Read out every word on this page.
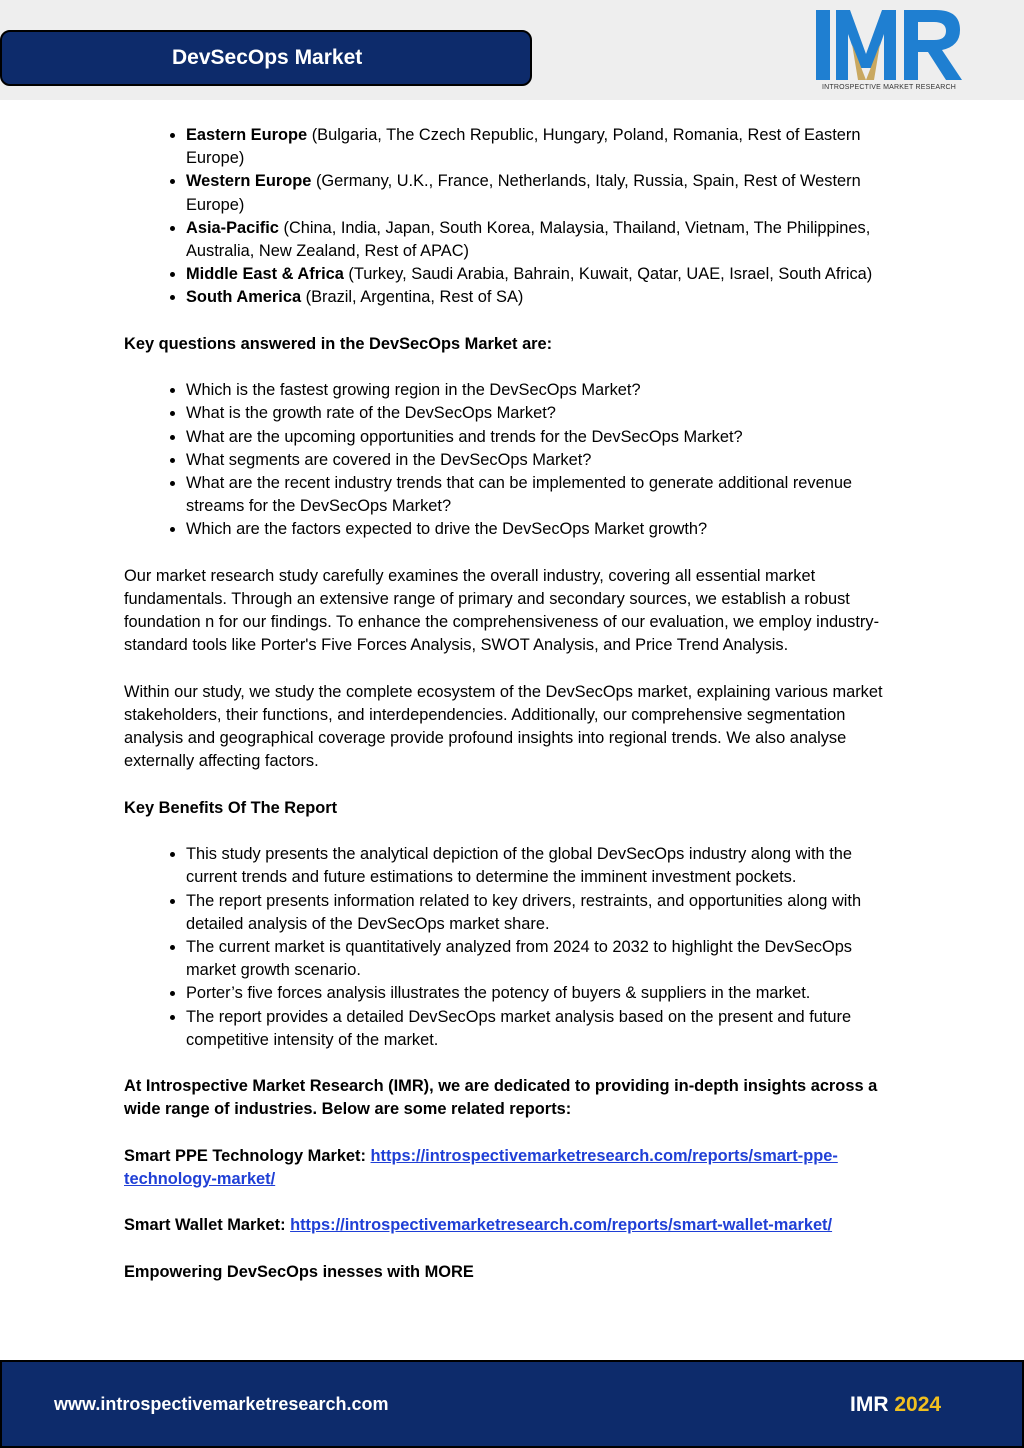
DevSecOps Market
INTROSPECTIVE MARKET RESEARCH
• Eastern Europe (Bulgaria, The Czech Republic, Hungary, Poland, Romania, Rest of Eastern Europe)
• Western Europe (Germany, U.K., France, Netherlands, Italy, Russia, Spain, Rest of Western Europe)
• Asia-Pacific (China, India, Japan, South Korea, Malaysia, Thailand, Vietnam, The Philippines, Australia, New Zealand, Rest of APAC)
• Middle East & Africa (Turkey, Saudi Arabia, Bahrain, Kuwait, Qatar, UAE, Israel, South Africa)
• South America (Brazil, Argentina, Rest of SA)

Key questions answered in the DevSecOps Market are:

• Which is the fastest growing region in the DevSecOps Market?
• What is the growth rate of the DevSecOps Market?
• What are the upcoming opportunities and trends for the DevSecOps Market?
• What segments are covered in the DevSecOps Market?
• What are the recent industry trends that can be implemented to generate additional revenue streams for the DevSecOps Market?
• Which are the factors expected to drive the DevSecOps Market growth?

Our market research study carefully examines the overall industry, covering all essential market fundamentals. Through an extensive range of primary and secondary sources, we establish a robust foundation n for our findings. To enhance the comprehensiveness of our evaluation, we employ industry-standard tools like Porter's Five Forces Analysis, SWOT Analysis, and Price Trend Analysis.

Within our study, we study the complete ecosystem of the DevSecOps market, explaining various market stakeholders, their functions, and interdependencies. Additionally, our comprehensive segmentation analysis and geographical coverage provide profound insights into regional trends. We also analyse externally affecting factors.

Key Benefits Of The Report

• This study presents the analytical depiction of the global DevSecOps industry along with the current trends and future estimations to determine the imminent investment pockets.
• The report presents information related to key drivers, restraints, and opportunities along with detailed analysis of the DevSecOps market share.
• The current market is quantitatively analyzed from 2024 to 2032 to highlight the DevSecOps market growth scenario.
• Porter’s five forces analysis illustrates the potency of buyers & suppliers in the market.
• The report provides a detailed DevSecOps market analysis based on the present and future competitive intensity of the market.

At Introspective Market Research (IMR), we are dedicated to providing in-depth insights across a wide range of industries. Below are some related reports:

Smart PPE Technology Market: https://introspectivemarketresearch.com/reports/smart-ppe-technology-market/

Smart Wallet Market: https://introspectivemarketresearch.com/reports/smart-wallet-market/

Empowering DevSecOps inesses with MORE

www.introspectivemarketresearch.com	IMR 2024
